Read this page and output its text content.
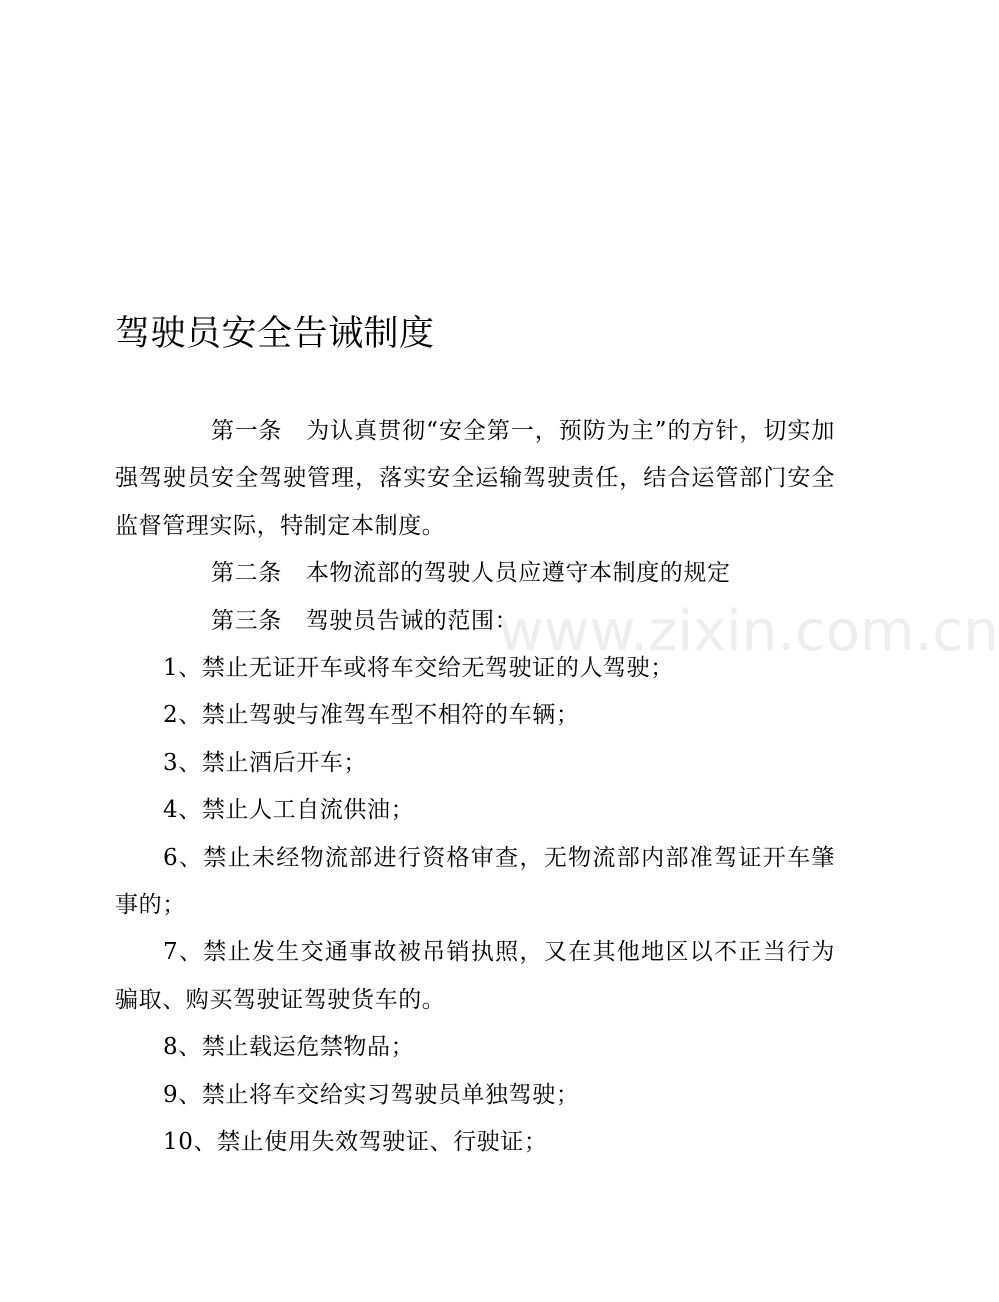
驾驶员安全告诫制度

第一条 为认真贯彻“安全第一，预防为主”的方针，切实加强驾驶员安全驾驶管理，落实安全运输驾驶责任，结合运管部门安全监督管理实际，特制定本制度。

第二条 本物流部的驾驶人员应遵守本制度的规定

第三条 驾驶员告诫的范围：

1、禁止无证开车或将车交给无驾驶证的人驾驶；

2、禁止驾驶与准驾车型不相符的车辆；

3、禁止酒后开车；

4、禁止人工自流供油；

6、禁止未经物流部进行资格审查，无物流部内部准驾证开车肇事的；

7、禁止发生交通事故被吊销执照，又在其他地区以不正当行为骗取、购买驾驶证驾驶货车的。

8、禁止载运危禁物品；

9、禁止将车交给实习驾驶员单独驾驶；

10、禁止使用失效驾驶证、行驶证；

www.zixin.com.cn
